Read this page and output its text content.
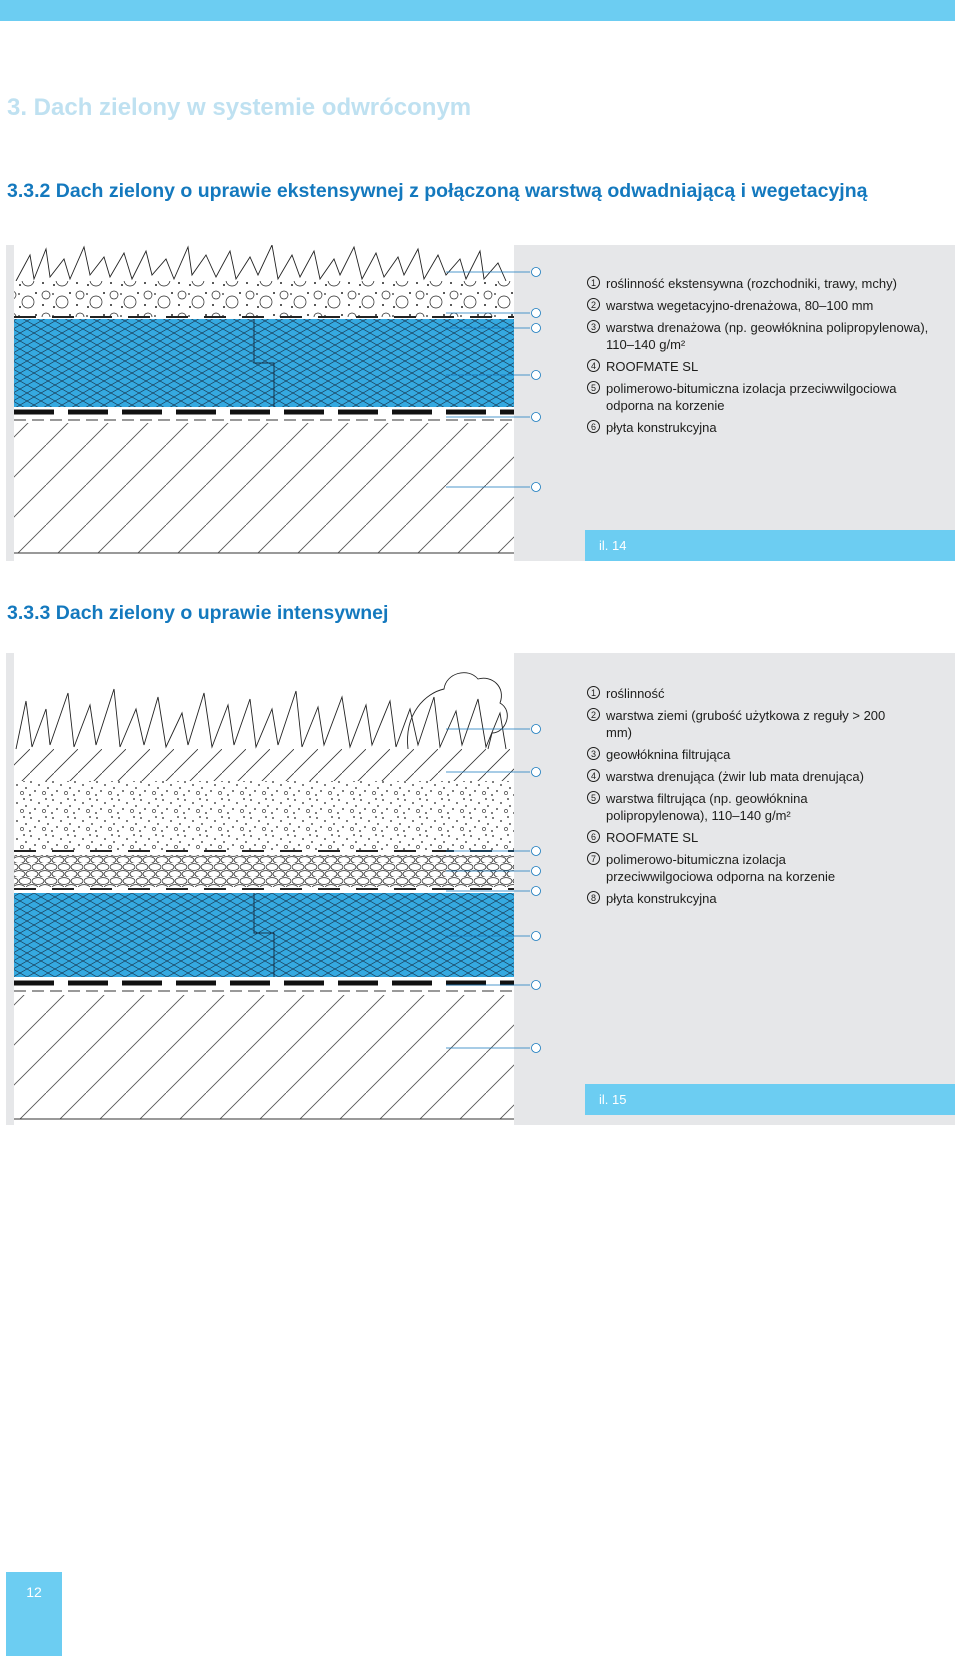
3. Dach zielony w systemie odwróconym
3.3.2 Dach zielony o uprawie ekstensywnej z połączoną warstwą odwadniającą i wegetacyjną
1 roślinność ekstensywna (rozchodniki, trawy, mchy)
2 warstwa wegetacyjno-drenażowa, 80–100 mm
3 warstwa drenażowa (np. geowłóknina polipropylenowa), 110–140 g/m²
4 ROOFMATE SL
5 polimerowo-bitumiczna izolacja przeciwwilgociowa odporna na korzenie
6 płyta konstrukcyjna
il. 14
3.3.3 Dach zielony o uprawie intensywnej
1 roślinność
2 warstwa ziemi (grubość użytkowa z reguły > 200 mm)
3 geowłóknina filtrująca
4 warstwa drenująca (żwir lub mata drenująca)
5 warstwa filtrująca (np. geowłóknina polipropylenowa), 110–140 g/m²
6 ROOFMATE SL
7 polimerowo-bitumiczna izolacja przeciwwilgociowa odporna na korzenie
8 płyta konstrukcyjna
il. 15
12
